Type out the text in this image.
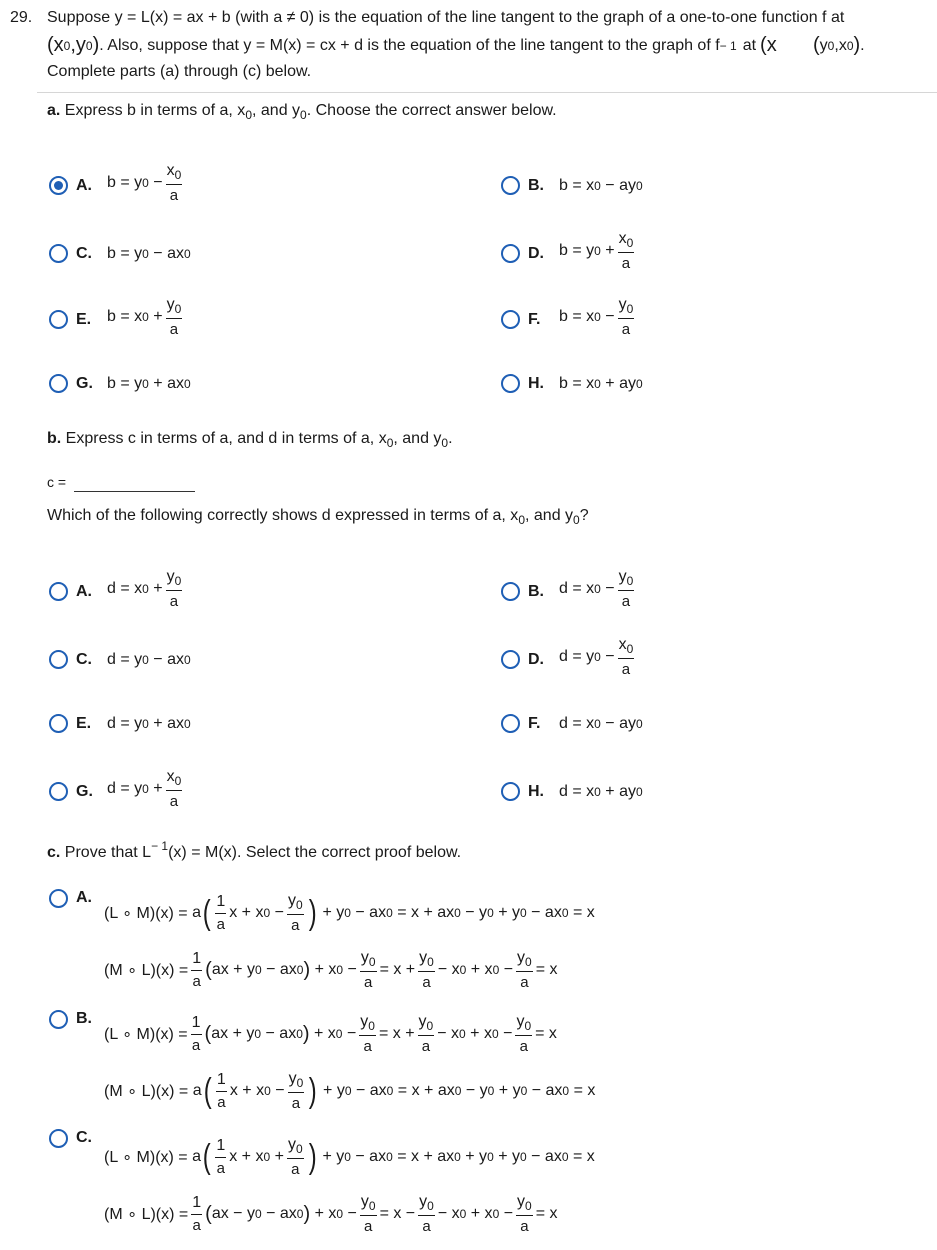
29. Suppose y = L(x) = ax + b (with a ≠ 0) is the equation of the line tangent to the graph of a one-to-one function f at
(x 0 ,y 0 ) . Also, suppose that y = M(x) = cx + d is the equation of the line tangent to the graph of f − 1 at (x ( y 0 , x 0 ) .
Complete parts (a) through (c) below.
a. Express b in terms of a, $x_0$, and $y_0$. Choose the correct answer below.
A. b =
y 0
− $\frac{x_0}{a}$	B. b =
x 0
−
ay 0
C. b =
y 0
−
ax 0	D. b =
y 0
+ $\frac{x_0}{a}$
E. b =
x 0
+ $\frac{y_0}{a}$	F. b =
x 0
− $\frac{y_0}{a}$
G. b =
y 0
+
ax 0	H. b =
x 0
+
ay 0
b. Express c in terms of a, and d in terms of a, $x_0$, and $y_0$.
c =
Which of the following correctly shows d expressed in terms of a, $x_0$, and $y_0$?
A. d =
x 0
+ $\frac{y_0}{a}$	B. d =
x 0
− $\frac{y_0}{a}$
C. d =
y 0
−
ax 0	D. d =
y 0
− $\frac{x_0}{a}$
E. d =
y 0
+
ax 0	F. d =
x 0
−
ay 0
G. d =
y 0
+ $\frac{x_0}{a}$	H. d =
x 0
+
ay 0
c. Prove that $L^{- 1}(x) = M(x)$. Select the correct proof below.
A.
(L ∘ M)(x) =
a ( $\frac{1}{a}$ x +
x 0
− $\frac{y_0}{a}$ )
+ y 0
− ax 0
= x + ax 0
− y 0
+ y 0
− ax 0
= x
(M ∘ $L)(x) = \frac{1}{a}$ ( ax + y 0
− ax 0 )
+ x 0
− $\frac{y_0}{a} = x + \frac{y_0}{a} - x$ 0
+ x 0
− $\frac{y_0}{a} = x$
B.
(L ∘ $M)(x) = \frac{1}{a}$ ( ax + y 0
− ax 0 )
+ x 0
− $\frac{y_0}{a} = x + \frac{y_0}{a} - x$ 0
+ x 0
− $\frac{y_0}{a} = x$
(M ∘ L)(x) =
a ( $\frac{1}{a}$ x +
x 0
− $\frac{y_0}{a}$ )
+ y 0
− ax 0
= x + ax 0
− y 0
+ y 0
− ax 0
= x
C.
(L ∘ M)(x) =
a ( $\frac{1}{a}$ x +
x 0
+ $\frac{y_0}{a}$ )
+ y 0
− ax 0
= x + ax 0
+ y 0
+ y 0
− ax 0
= x
(M ∘ $L)(x) = \frac{1}{a}$ ( ax − y 0
− ax 0 )
+ x 0
− $\frac{y_0}{a} = x - \frac{y_0}{a} - x$ 0
+ x 0
− $\frac{y_0}{a} = x$
